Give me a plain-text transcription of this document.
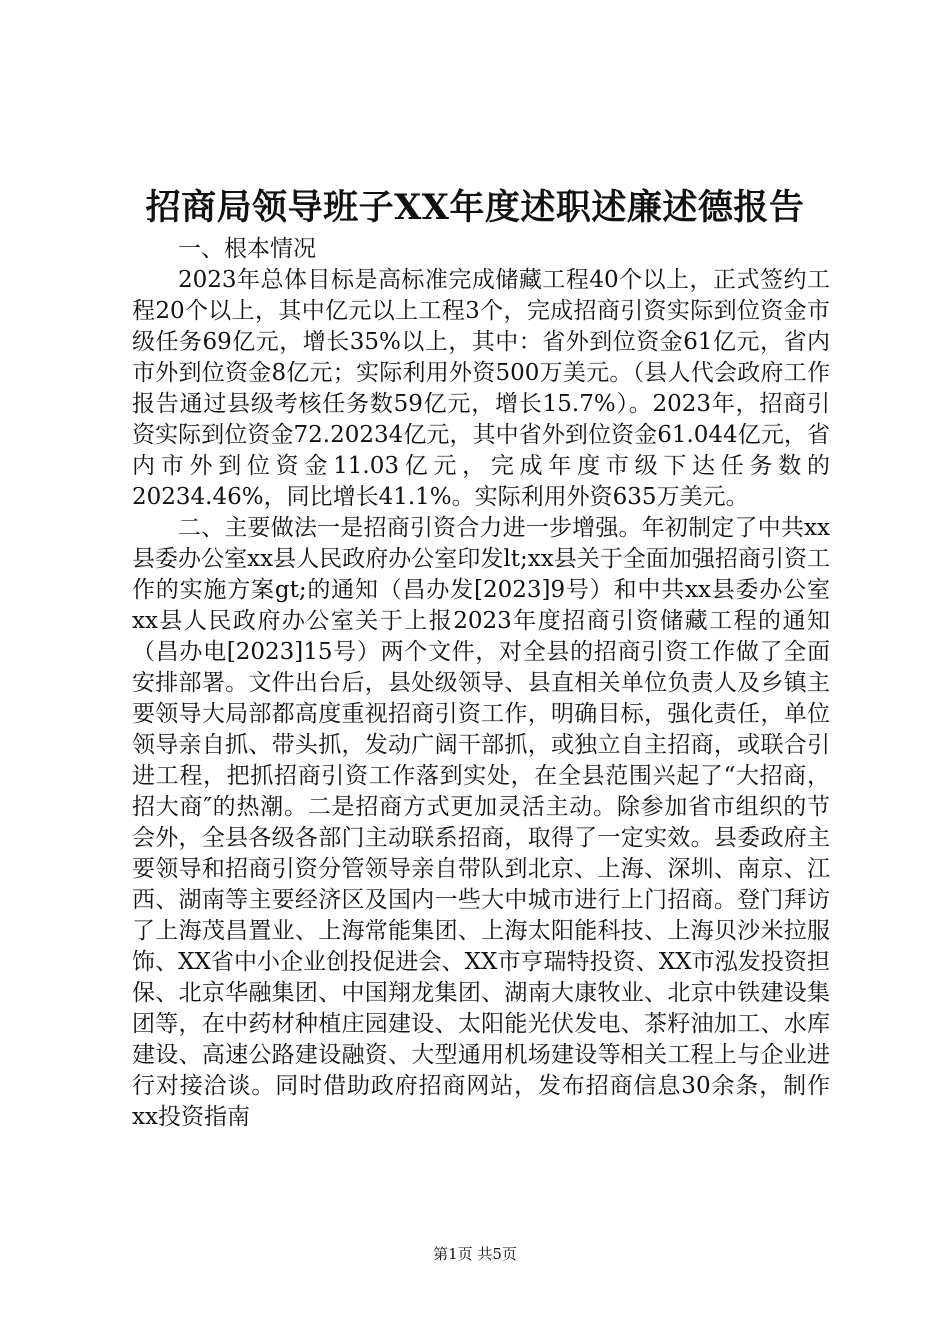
招商局领导班子XX年度述职述廉述德报告

一、根本情况

2023年总体目标是高标准完成储藏工程40个以上，正式签约工程20个以上，其中亿元以上工程3个，完成招商引资实际到位资金市级任务69亿元，增长35%以上，其中：省外到位资金61亿元，省内市外到位资金8亿元；实际利用外资500万美元。（县人代会政府工作报告通过县级考核任务数59亿元，增长15.7%）。2023年，招商引资实际到位资金72.20234亿元，其中省外到位资金61.044亿元，省内市外到位资金11.03亿元，完成年度市级下达任务数的20234.46%，同比增长41.1%。实际利用外资635万美元。

二、主要做法一是招商引资合力进一步增强。年初制定了中共xx县委办公室xx县人民政府办公室印发lt;xx县关于全面加强招商引资工作的实施方案gt;的通知（昌办发[2023]9号）和中共xx县委办公室xx县人民政府办公室关于上报2023年度招商引资储藏工程的通知（昌办电[2023]15号）两个文件，对全县的招商引资工作做了全面安排部署。文件出台后，县处级领导、县直相关单位负责人及乡镇主要领导大局部都高度重视招商引资工作，明确目标，强化责任，单位领导亲自抓、带头抓，发动广阔干部抓，或独立自主招商，或联合引进工程，把抓招商引资工作落到实处，在全县范围兴起了“大招商，招大商″的热潮。二是招商方式更加灵活主动。除参加省市组织的节会外，全县各级各部门主动联系招商，取得了一定实效。县委政府主要领导和招商引资分管领导亲自带队到北京、上海、深圳、南京、江西、湖南等主要经济区及国内一些大中城市进行上门招商。登门拜访了上海茂昌置业、上海常能集团、上海太阳能科技、上海贝沙米拉服饰、XX省中小企业创投促进会、XX市亨瑞特投资、XX市泓发投资担保、北京华融集团、中国翔龙集团、湖南大康牧业、北京中铁建设集团等，在中药材种植庄园建设、太阳能光伏发电、茶籽油加工、水库建设、高速公路建设融资、大型通用机场建设等相关工程上与企业进行对接洽谈。同时借助政府招商网站，发布招商信息30余条，制作xx投资指南

第1页 共5页
